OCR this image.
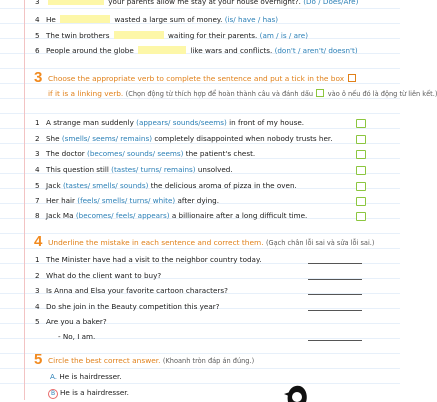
3	your parents allow me stay at your house overnight?. (Do / Does/Are)
4 He	wasted a large sum of money. (is/ have / has)
5 The twin brothers	waiting for their parents. (am / is / are)
6 People around the globe	like wars and conflicts. (don't / aren't/ doesn't)
3 Choose the appropriate verb to complete the sentence and put a tick in the box
if it is a linking verb. (Chọn động từ thích hợp để hoàn thành câu và đánh dấu vào ô nếu đó là động từ liên kết.)
1 A strange man suddenly (appears/ sounds/seems) in front of my house.
2 She (smells/ seems/ remains) completely disappointed when nobody trusts her.
3 The doctor (becomes/ sounds/ seems) the patient's chest.
4 This question still (tastes/ turns/ remains) unsolved.
5 Jack (tastes/ smells/ sounds) the delicious aroma of pizza in the oven.
7 Her hair (feels/ smells/ turns/ white) after dying.
8 Jack Ma (becomes/ feels/ appears) a billionaire after a long difficult time.
4 Underline the mistake in each sentence and correct them. (Gạch chân lỗi sai và sửa lỗi sai.)
1 The Minister have had a visit to the neighbor country today.
2 What do the client want to buy?
3 Is Anna and Elsa your favorite cartoon characters?
4 Do she join in the Beauty competition this year?
5 Are you a baker?
- No, I am.
5 Circle the best correct answer. (Khoanh tròn đáp án đúng.)
A. He is hairdresser.
B He is a hairdresser.
